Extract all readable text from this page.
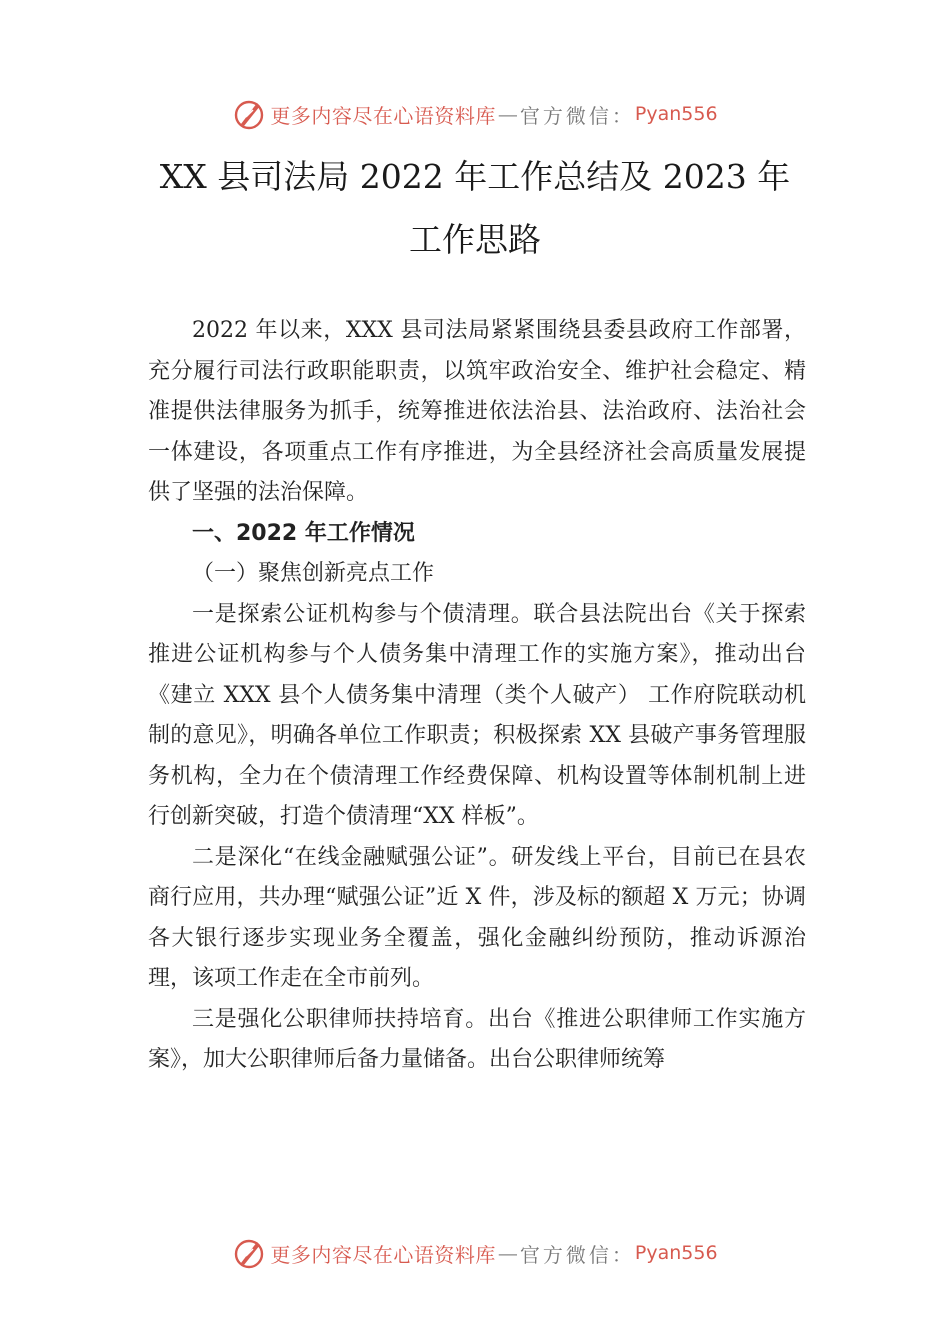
更多内容尽在心语资料库 — 官方微信： Pyan556
XX 县司法局 2022 年工作总结及 2023 年
工作思路

2022 年以来，XXX 县司法局紧紧围绕县委县政府工作部署，充分履行司法行政职能职责，以筑牢政治安全、维护社会稳定、精准提供法律服务为抓手，统筹推进依法治县、法治政府、法治社会一体建设，各项重点工作有序推进，为全县经济社会高质量发展提供了坚强的法治保障。

一、2022 年工作情况

（一）聚焦创新亮点工作

一是探索公证机构参与个债清理。联合县法院出台《关于探索推进公证机构参与个人债务集中清理工作的实施方案》，推动出台《建立 XXX 县个人债务集中清理（类个人破产） 工作府院联动机制的意见》，明确各单位工作职责；积极探索 XX 县破产事务管理服务机构，全力在个债清理工作经费保障、机构设置等体制机制上进行创新突破，打造个债清理“XX 样板”。

二是深化“在线金融赋强公证”。研发线上平台，目前已在县农商行应用，共办理“赋强公证”近 X 件，涉及标的额超 X 万元；协调各大银行逐步实现业务全覆盖，强化金融纠纷预防，推动诉源治理，该项工作走在全市前列。

三是强化公职律师扶持培育。出台《推进公职律师工作实施方案》，加大公职律师后备力量储备。出台公职律师统筹

更多内容尽在心语资料库 — 官方微信： Pyan556
